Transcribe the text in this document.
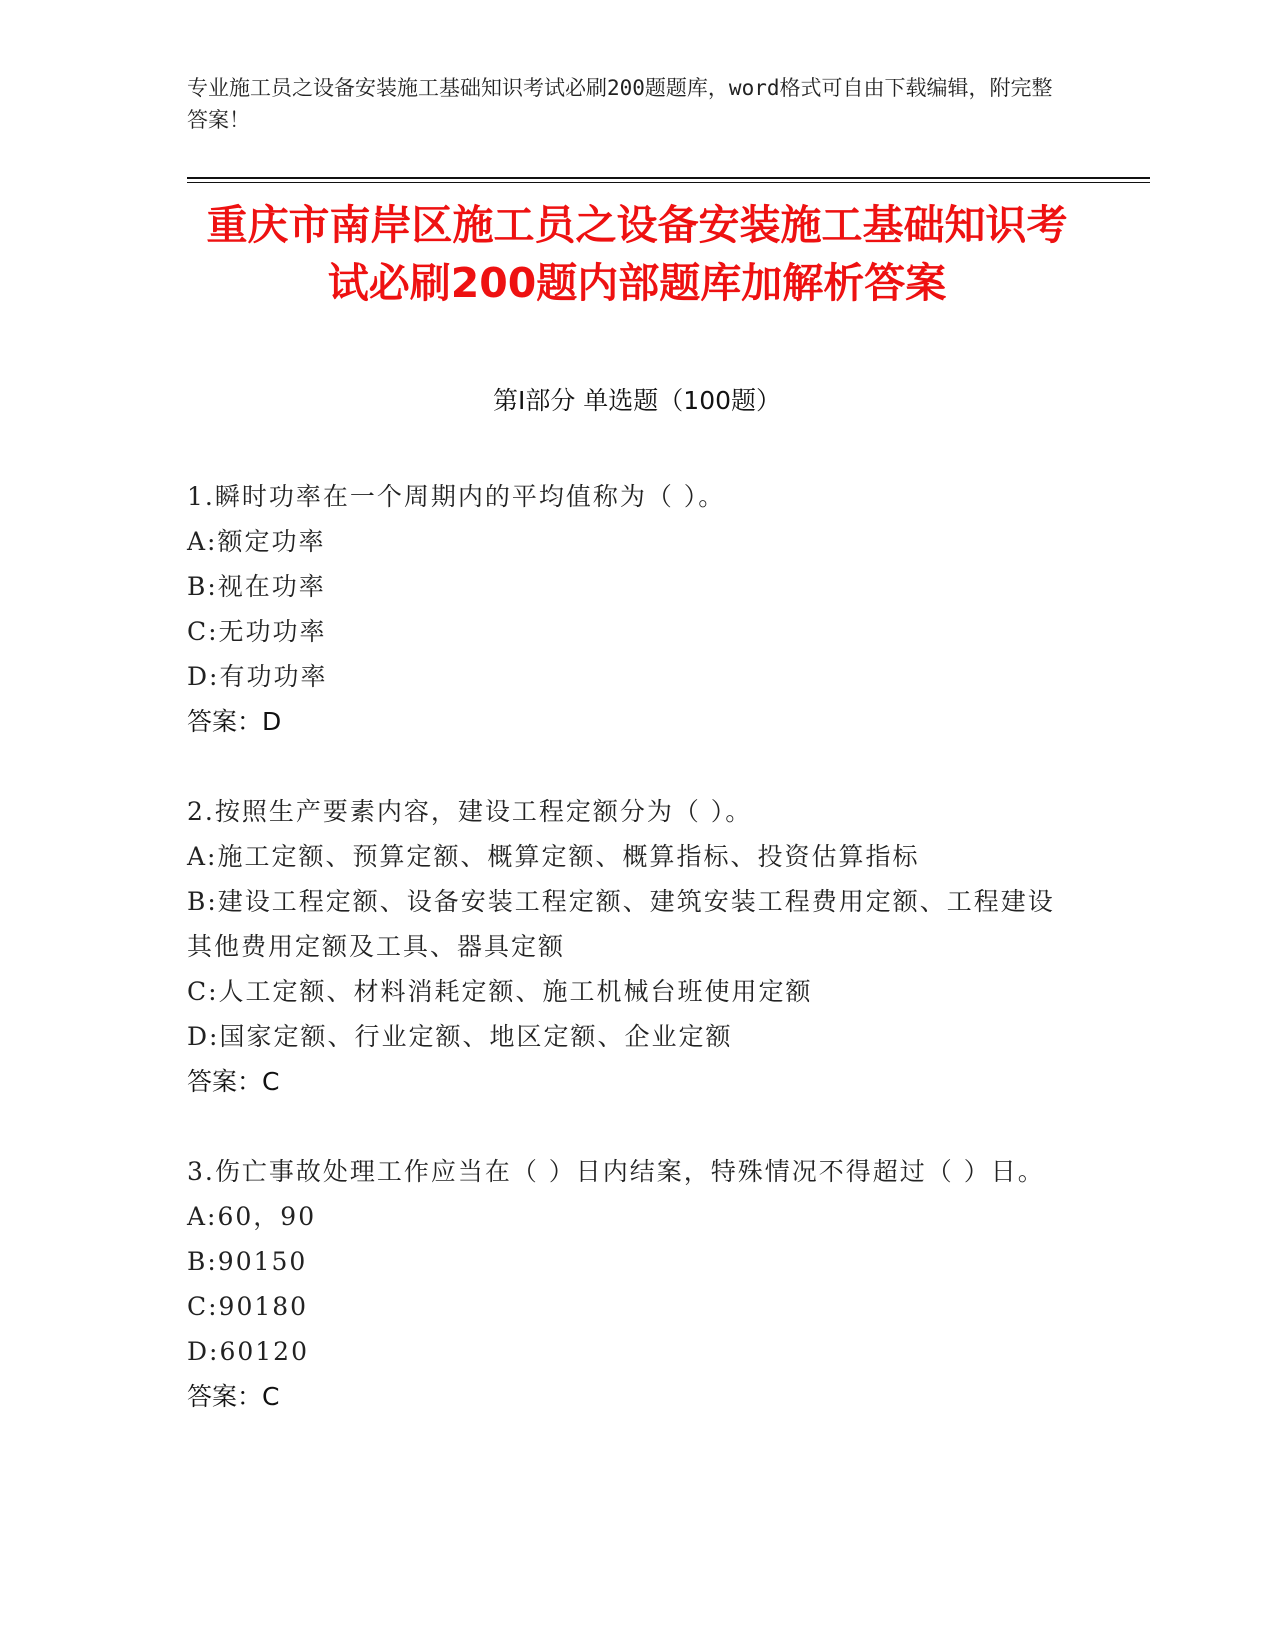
专业施工员之设备安装施工基础知识考试必刷200题题库，word格式可自由下载编辑，附完整答案！
重庆市南岸区施工员之设备安装施工基础知识考试必刷200题内部题库加解析答案
第Ⅰ部分 单选题（100题）
1.瞬时功率在一个周期内的平均值称为（ ）。
A:额定功率
B:视在功率
C:无功功率
D:有功功率
答案：D
2.按照生产要素内容，建设工程定额分为（ ）。
A:施工定额、预算定额、概算定额、概算指标、投资估算指标
B:建设工程定额、设备安装工程定额、建筑安装工程费用定额、工程建设其他费用定额及工具、器具定额
C:人工定额、材料消耗定额、施工机械台班使用定额
D:国家定额、行业定额、地区定额、企业定额
答案：C
3.伤亡事故处理工作应当在（ ）日内结案，特殊情况不得超过（ ）日。
A:60，90
B:90150
C:90180
D:60120
答案：C
